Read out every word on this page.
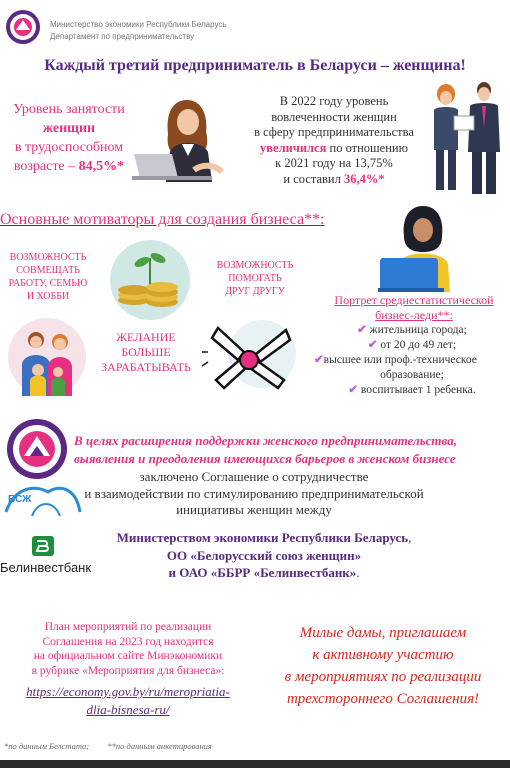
Министерство экономики Республики Беларусь
Департамент по предпринимательству
Каждый третий предприниматель в Беларуси – женщина!
Уровень занятости
женщин
в трудоспособном
возрасте – 84,5%*
В 2022 году уровень
вовлеченности женщин
в сферу предпринимательства
увеличился по отношению
к 2021 году на 13,75%
и составил 36,4%*
Основные мотиваторы для создания бизнеса**:
ВОЗМОЖНОСТЬ
СОВМЕЩАТЬ
РАБОТУ, СЕМЬЮ
И ХОББИ
ВОЗМОЖНОСТЬ
ПОМОГАТЬ
ДРУГ ДРУГУ
ЖЕЛАНИЕ
БОЛЬШЕ
ЗАРАБАТЫВАТЬ
Портрет среднестатистической
бизнес-леди**:
✔ жительница города;
✔ от 20 до 49 лет;
✔высшее или проф.-техническое
образование;
✔ воспитывает 1 ребенка.
БСЖ
Белинвестбанк
В целях расширения поддержки женского предпринимательства,
выявления и преодоления имеющихся барьеров в женском бизнесе
заключено Соглашение о сотрудничестве
и взаимодействии по стимулированию предпринимательской
инициативы женщин между
Министерством экономики Республики Беларусь,
ОО «Белорусский союз женщин»
и ОАО «ББРР «Белинвестбанк».
План мероприятий по реализации
Соглашения на 2023 год находится
на официальном сайте Минэкономики
в рубрике «Мероприятия для бизнеса»:
https://economy.gov.by/ru/meropriatia-
dlia-bisnesa-ru/
Милые дамы, приглашаем
к активному участию
в мероприятиях по реализации
трехстороннего Соглашения!
*по данным Белстата; **по данным анкетирования
